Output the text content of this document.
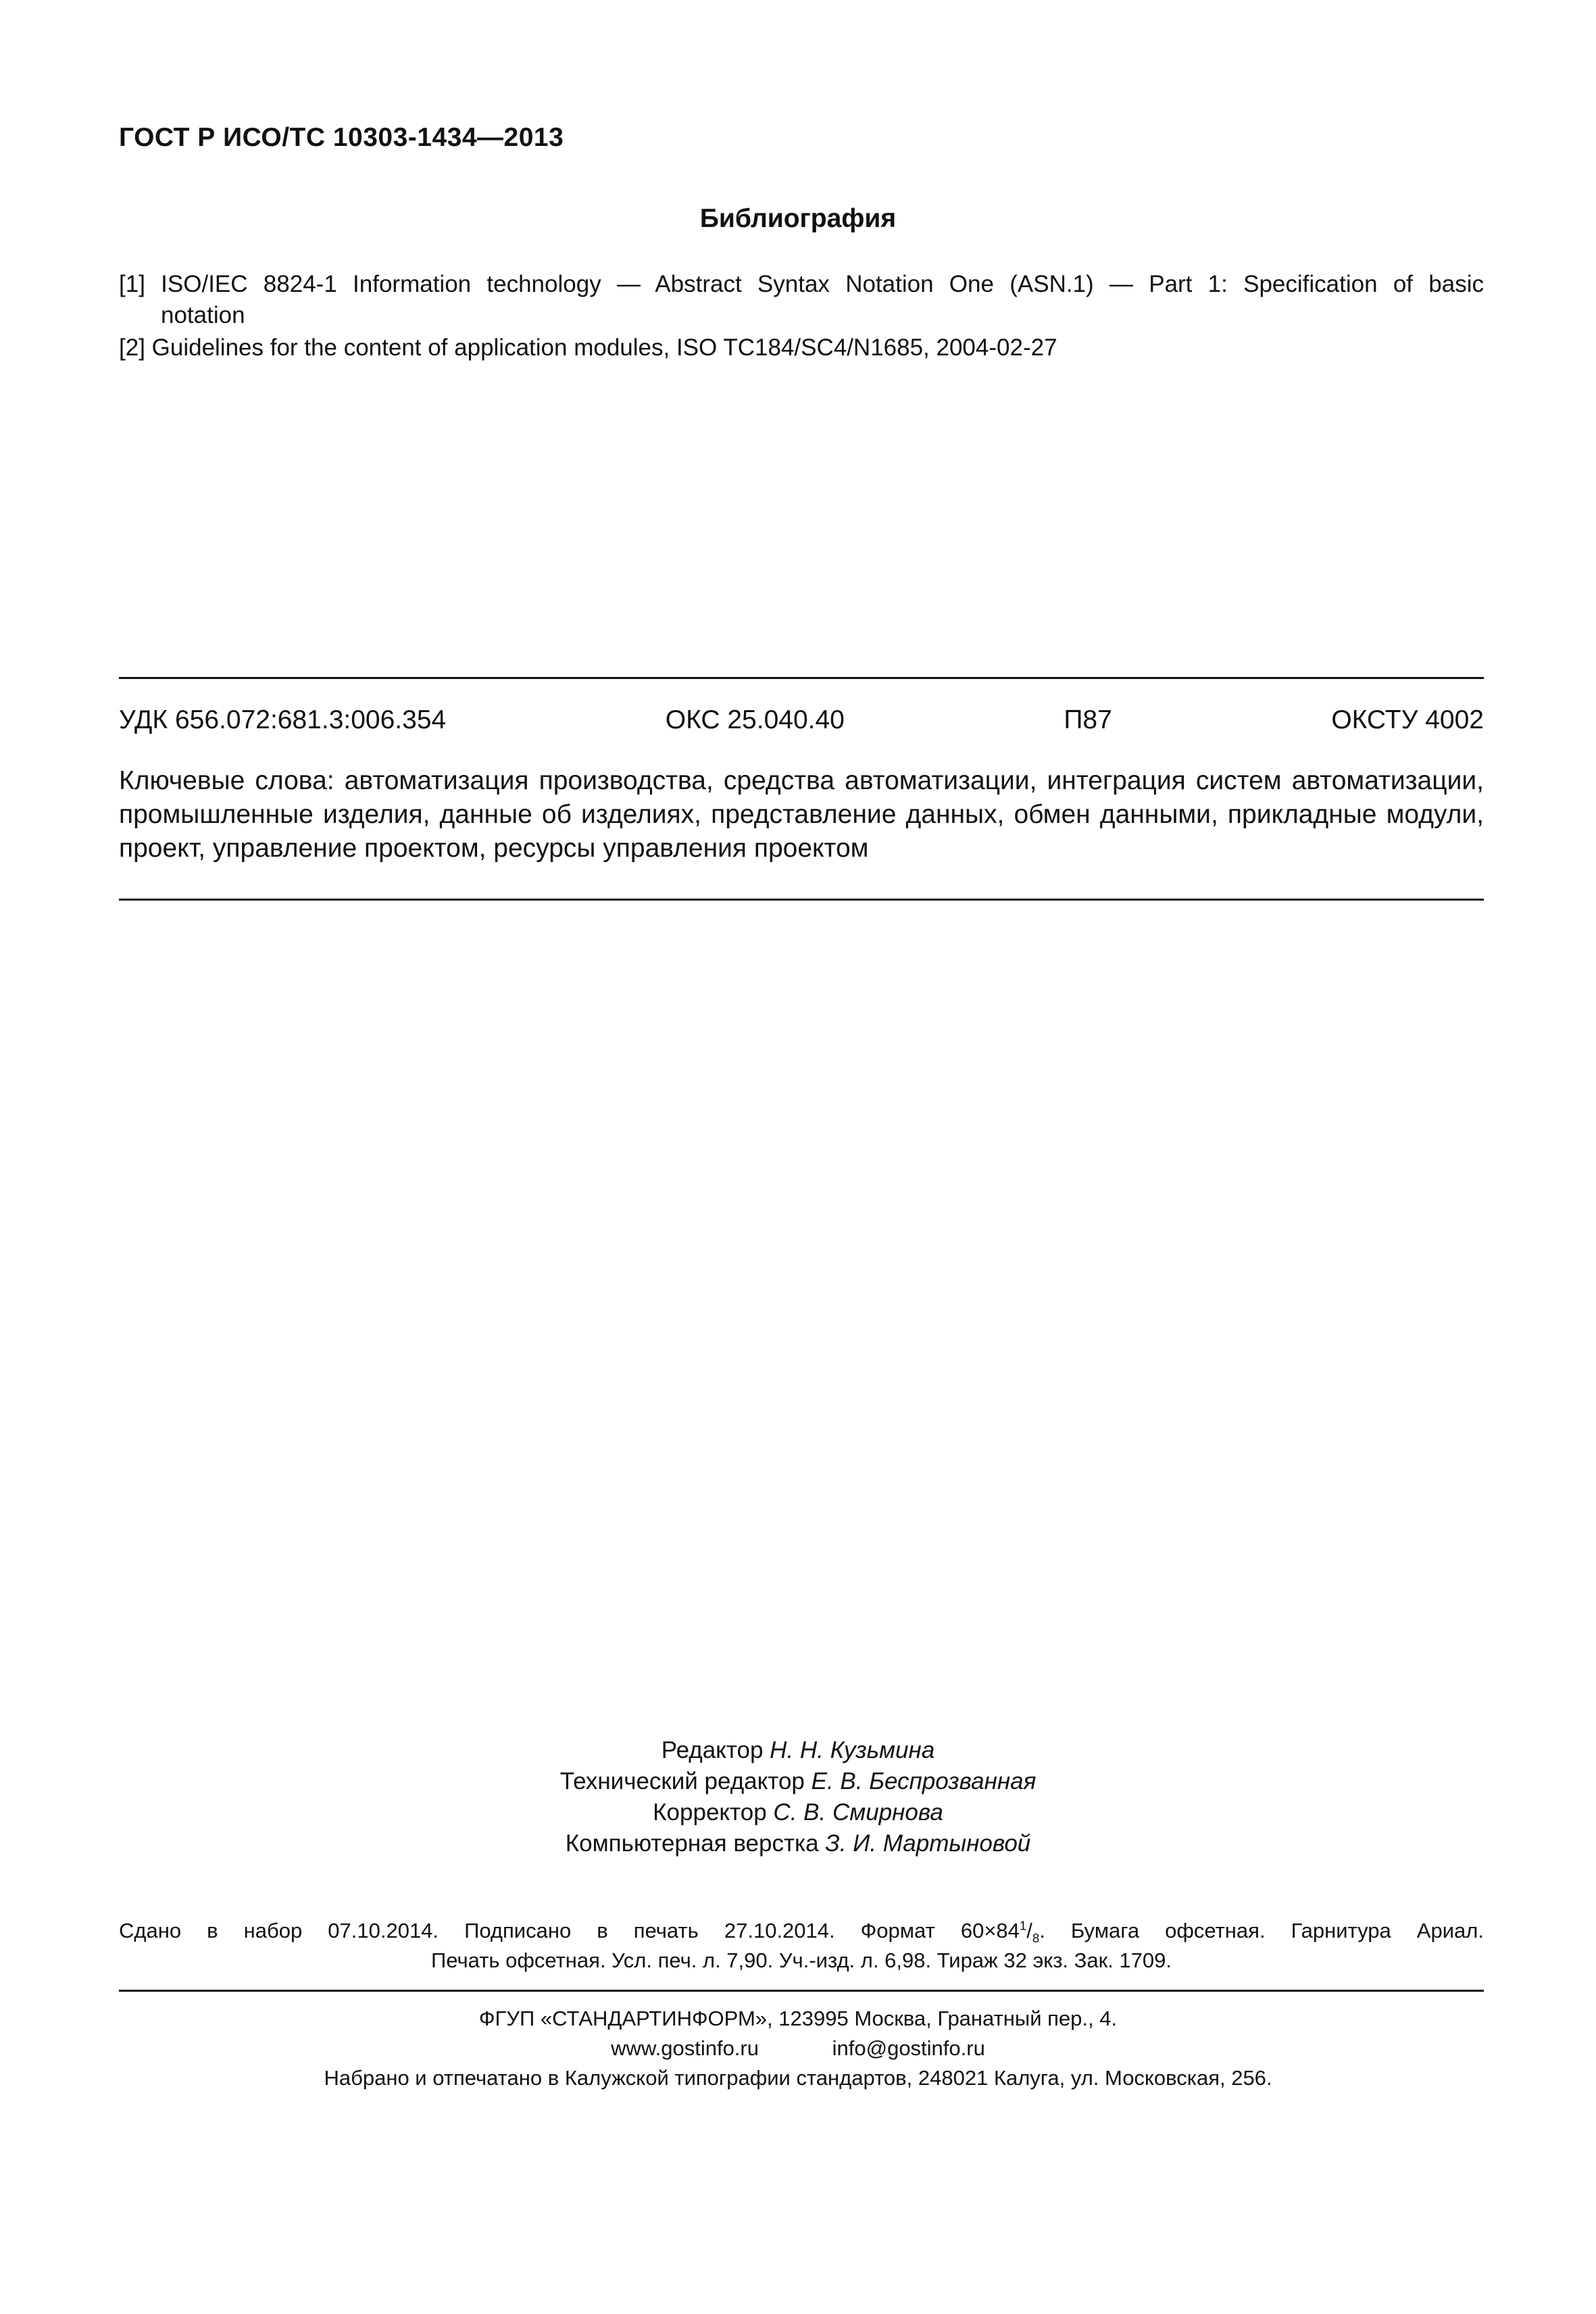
ГОСТ Р ИСО/ТС 10303-1434—2013
Библиография
[1] ISO/IEC 8824-1 Information technology — Abstract Syntax Notation One (ASN.1) — Part 1: Specification of basic
notation
[2] Guidelines for the content of application modules, ISO TC184/SC4/N1685, 2004-02-27
УДК 656.072:681.3:006.354	ОКС 25.040.40	П87	ОКСТУ 4002
Ключевые слова: автоматизация производства, средства автоматизации, интеграция систем автоматизации, промышленные изделия, данные об изделиях, представление данных, обмен данными, прикладные модули, проект, управление проектом, ресурсы управления проектом
Редактор Н. Н. Кузьмина
Технический редактор Е. В. Беспрозванная
Корректор С. В. Смирнова
Компьютерная верстка З. И. Мартыновой
Сдано в набор 07.10.2014. Подписано в печать 27.10.2014. Формат $60\times 84^1/_8$. Бумага офсетная. Гарнитура Ариал.
Печать офсетная. Усл. печ. л. 7,90. Уч.-изд. л. 6,98. Тираж 32 экз. Зак. 1709.
ФГУП «СТАНДАРТИНФОРМ», 123995 Москва, Гранатный пер., 4.
www.gostinfo.ru	info@gostinfo.ru
Набрано и отпечатано в Калужской типографии стандартов, 248021 Калуга, ул. Московская, 256.
